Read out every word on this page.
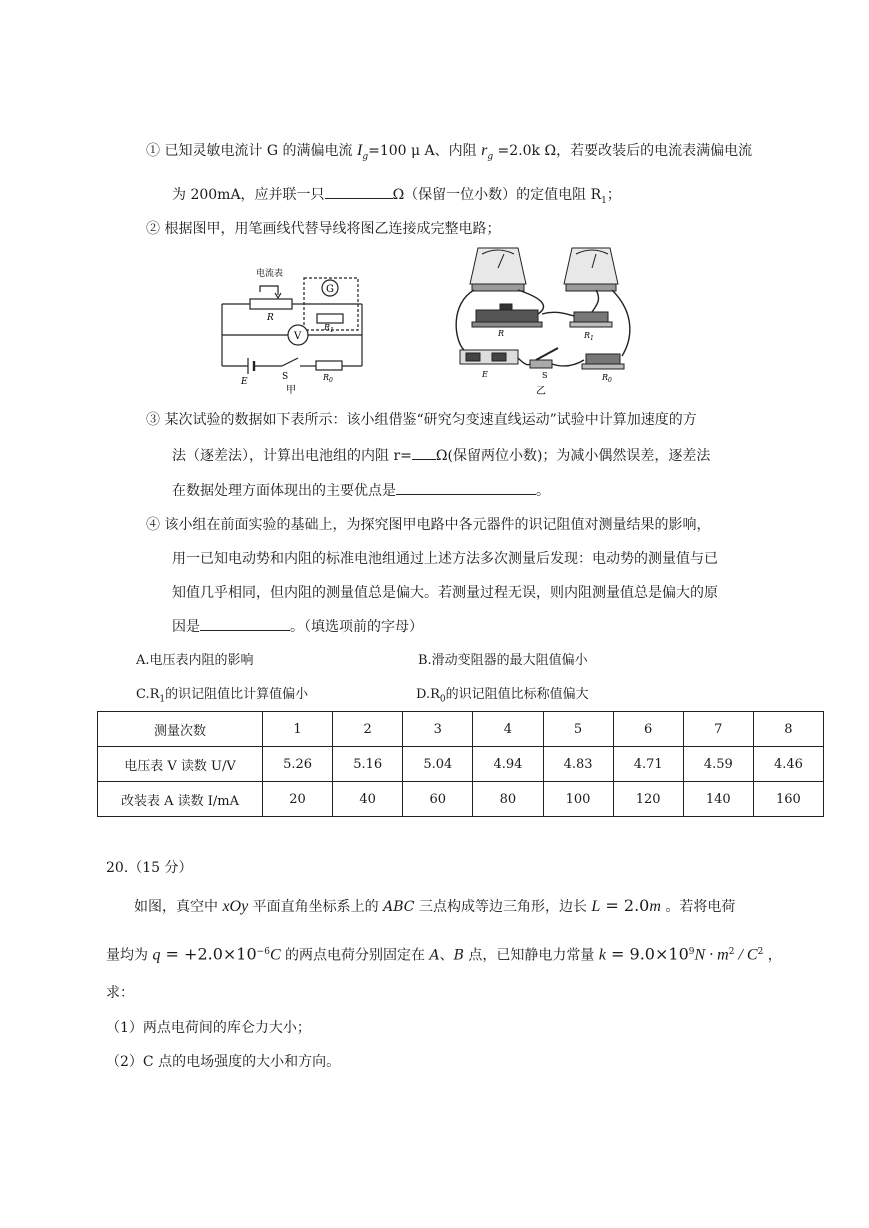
① 已知灵敏电流计 G 的满偏电流 $I_g=100$ μ A、内阻 $r_g =2.0k$ Ω，若要改装后的电流表满偏电流
为 200mA，应并联一只	Ω（保留一位小数）的定值电阻 $R_1$；
② 根据图甲，用笔画线代替导线将图乙连接成完整电路；
电流表
G
V
R
$R_1$
E	S	$R_0$
甲
R	$R_1$
E	S	$R_0$
乙
③ 某次试验的数据如下表所示：该小组借鉴“研究匀变速直线运动”试验中计算加速度的方
法（逐差法），计算出电池组的内阻 r= Ω(保留两位小数)；为减小偶然误差，逐差法
在数据处理方面体现出的主要优点是	。
④ 该小组在前面实验的基础上，为探究图甲电路中各元器件的识记阻值对测量结果的影响，
用一已知电动势和内阻的标准电池组通过上述方法多次测量后发现：电动势的测量值与已
知值几乎相同，但内阻的测量值总是偏大。若测量过程无误，则内阻测量值总是偏大的原
因是	。（填选项前的字母）
A.电压表内阻的影响	B.滑动变阻器的最大阻值偏小
$C.R_1$的识记阻值比计算值偏小	$D.R_0$的识记阻值比标称值偏大
测量次数	1	2	3	4	5	6	7	8
电压表 V 读数 U/V	5.26	5.16	5.04	4.94	4.83	4.71	4.59	4.46
改装表 A 读数 I/mA	20	40	60	80	100	120	140	160
20.（15 分）
如图，真空中 xOy 平面直角坐标系上的 ABC 三点构成等边三角形，边长 L = 2.0m 。若将电荷
量均为 $q = +2.0\times 10^{-6}C$ 的两点电荷分别固定在 A、B 点，已知静电力常量 $k = 9.0\times 10^9N \cdot m^2 / C^2$ ，
求：
（1）两点电荷间的库仑力大小；
（2）C 点的电场强度的大小和方向。
